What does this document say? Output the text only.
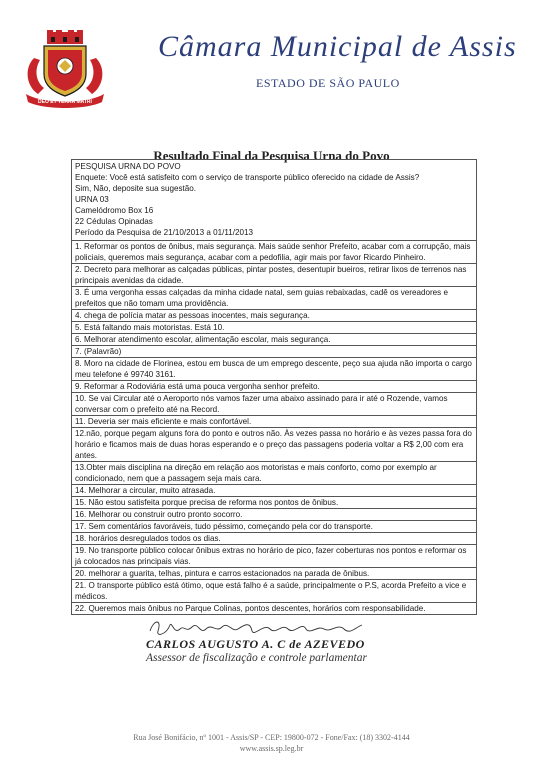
DEO ET TERRA MATRI
Câmara Municipal de Assis
ESTADO DE SÃO PAULO
Resultado Final da Pesquisa Urna do Povo
PESQUISA URNA DO POVO
Enquete: Você está satisfeito com o serviço de transporte público oferecido na cidade de Assis?
Sim, Não, deposite sua sugestão.
URNA 03
Camelódromo Box 16
22 Cédulas Opinadas
Período da Pesquisa de 21/10/2013 a 01/11/2013
1. Reformar os pontos de ônibus, mais segurança. Mais saúde senhor Prefeito, acabar com a corrupção, mais policiais, queremos mais segurança, acabar com a pedofilia, agir mais por favor Ricardo Pinheiro.
2. Decreto para melhorar as calçadas públicas, pintar postes, desentupir bueiros, retirar lixos de terrenos nas principais avenidas da cidade.
3. É uma vergonha essas calçadas da minha cidade natal, sem guias rebaixadas, cadê os vereadores e prefeitos que não tomam uma providência.
4. chega de polícia matar as pessoas inocentes, mais segurança.
5. Está faltando mais motoristas. Está 10.
6. Melhorar atendimento escolar, alimentação escolar, mais segurança.
7. (Palavrão)
8. Moro na cidade de Florinea, estou em busca de um emprego descente, peço sua ajuda não importa o cargo meu telefone é 99740 3161.
9. Reformar a Rodoviária está uma pouca vergonha senhor prefeito.
10. Se vai Circular até o Aeroporto nós vamos fazer uma abaixo assinado para ir até o Rozende, vamos conversar com o prefeito até na Record.
11. Deveria ser mais eficiente e mais confortável.
12.não, porque pegam alguns fora do ponto e outros não. Às vezes passa no horário e às vezes passa fora do horário e ficamos mais de duas horas esperando e o preço das passagens poderia voltar a R$ 2,00 com era antes.
13.Obter mais disciplina na direção em relação aos motoristas e mais conforto, como por exemplo ar condicionado, nem que a passagem seja mais cara.
14. Melhorar a circular, muito atrasada.
15. Não estou satisfeita porque precisa de reforma nos pontos de ônibus.
16. Melhorar ou construir outro pronto socorro.
17. Sem comentários favoráveis, tudo péssimo, começando pela cor do transporte.
18. horários desregulados todos os dias.
19. No transporte público colocar ônibus extras no horário de pico, fazer coberturas nos pontos e reformar os já colocados nas principais vias.
20. melhorar a guarita, telhas, pintura e carros estacionados na parada de ônibus.
21. O transporte público está ótimo, oque está falho é a saúde, principalmente o P.S, acorda Prefeito a vice e médicos.
22. Queremos mais ônibus no Parque Colinas, pontos descentes, horários com responsabilidade.
CARLOS AUGUSTO A. C de AZEVEDO
Assessor de fiscalização e controle parlamentar
Rua José Bonifácio, nº 1001 - Assis/SP - CEP: 19800-072 - Fone/Fax: (18) 3302-4144
www.assis.sp.leg.br
